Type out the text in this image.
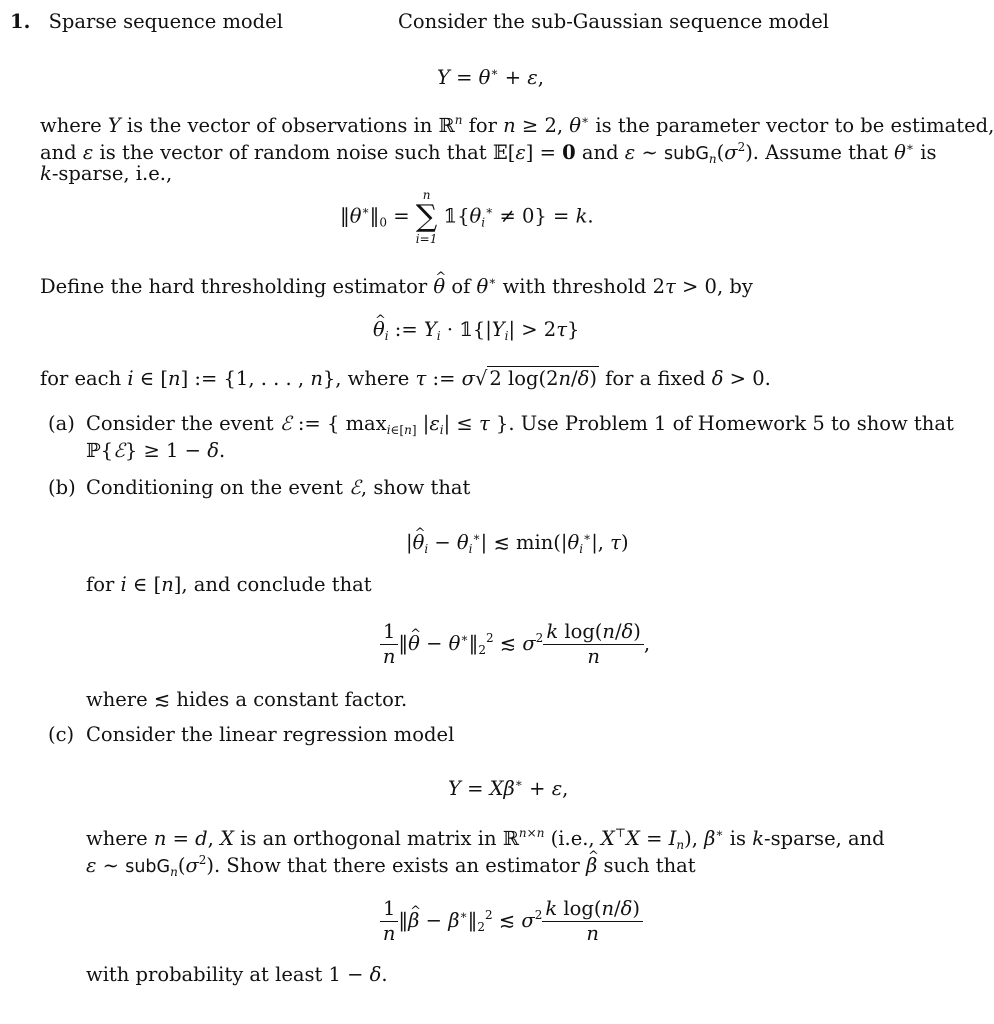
1. Sparse sequence model	Consider the sub-Gaussian sequence model
Y = θ∗ + ε,
where Y is the vector of observations in ℝ$^n$ for n ≥ 2, θ∗ is the parameter vector to be estimated,
and ε is the vector of random noise such that 𝔼[ε] = 0 and ε ∼ $subG_n(\sigma^2)$. Assume that θ∗ is
k-sparse, i.e.,
$‖\theta^∗‖_0$ =
n
∑
i=1
$𝟙\{\theta_i^∗ \ne 0\} = k$.
Define the hard thresholding estimator θ ^ of θ∗ with threshold 2τ > 0, by
θ $\^{}_i$ := $Y_i$ · $𝟙\{|Y_i| > 2\tau\}$
for each i ∈ [n] := {1, . . . , n}, where τ := σ√ 2 log(2n/δ) for a fixed δ > 0.
(a) Consider the event ℰ := { $\max_{i\in[n]} |\varepsilon_i| \le \tau$ }. Use Problem 1 of Homework 5 to show that
ℙ{ℰ} ≥ 1 − δ.
(b) Conditioning on the event ℰ, show that
|θ $\^{}_i - \theta_i^∗|$ ≲ $\min(|\theta_i^∗|$, τ)
for i ∈ [n], and conclude that
$\frac{1}{n}$ ‖θ ^ − $\theta^∗‖_2^2$ ≲ $\sigma^2 \frac{\text{k log(n/δ)}}{n}$ ,
where ≲ hides a constant factor.
(c) Consider the linear regression model
Y = Xβ∗ + ε,
where n = d, X is an orthogonal matrix in ℝ$^{n\times n}$ (i.e., $X^⊤X = I_n$), β∗ is k-sparse, and
ε ∼ $subG_n(\sigma^2)$. Show that there exists an estimator β ^ such that
$\frac{1}{n}$ ‖β ^ − $\beta^∗‖_2^2$ ≲ $\sigma^2 \frac{\text{k log(n/δ)}}{n}$
with probability at least 1 − δ.
